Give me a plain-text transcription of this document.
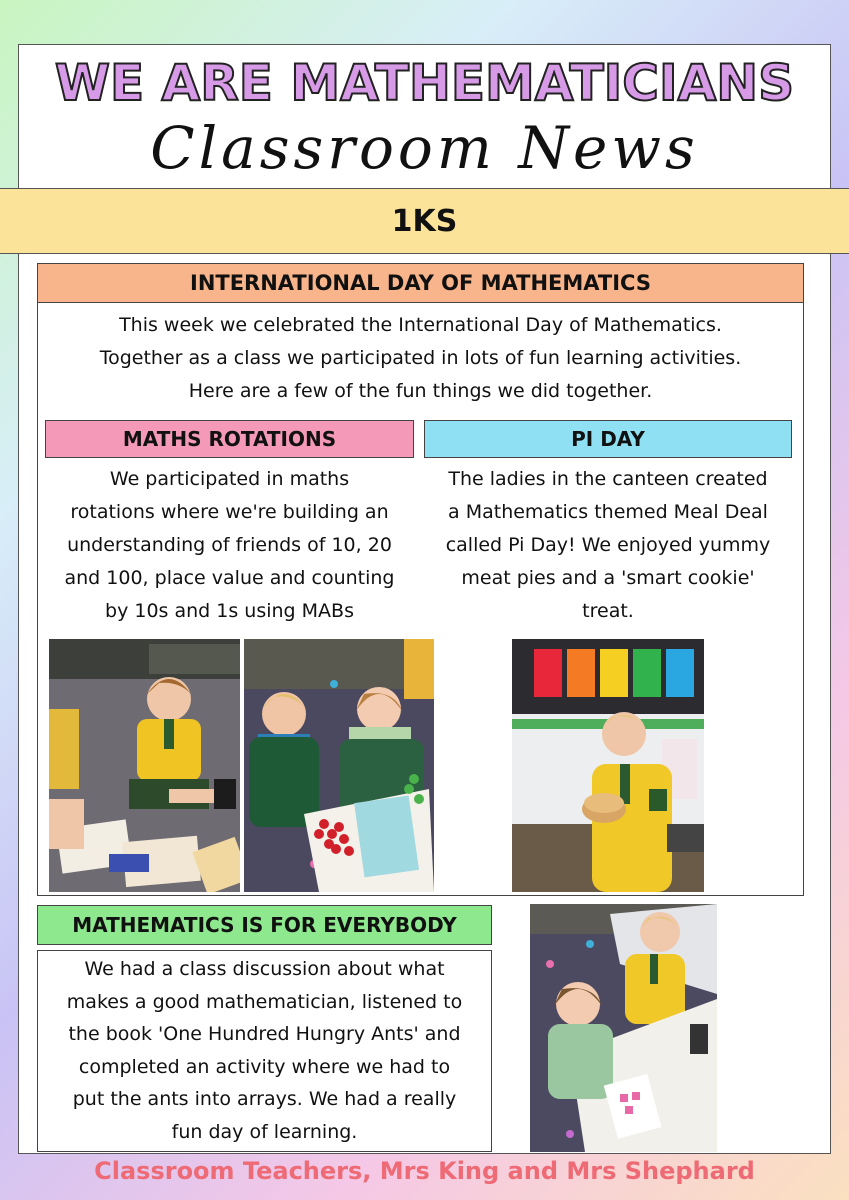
WE ARE MATHEMATICIANS
Classroom News
1KS
INTERNATIONAL DAY OF MATHEMATICS
This week we celebrated the International Day of Mathematics.
Together as a class we participated in lots of fun learning activities.
Here are a few of the fun things we did together.
MATHS ROTATIONS
We participated in maths
rotations where we're building an
understanding of friends of 10, 20
and 100, place value and counting
by 10s and 1s using MABs
PI DAY
The ladies in the canteen created
a Mathematics themed Meal Deal
called Pi Day! We enjoyed yummy
meat pies and a 'smart cookie'
treat.
MATHEMATICS IS FOR EVERYBODY
We had a class discussion about what
makes a good mathematician, listened to
the book 'One Hundred Hungry Ants' and
completed an activity where we had to
put the ants into arrays. We had a really
fun day of learning.
Classroom Teachers, Mrs King and Mrs Shephard
